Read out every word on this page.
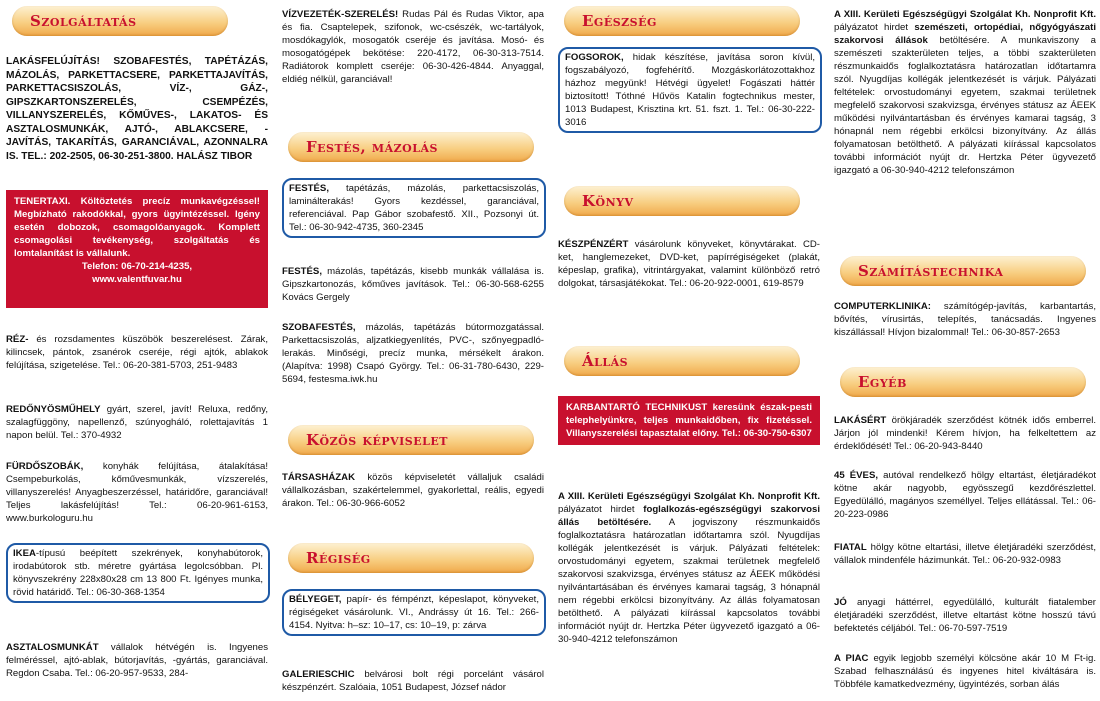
Szolgáltatás
LAKÁSFELÚJÍTÁS! SZOBAFESTÉS, TAPÉTÁZÁS, MÁZOLÁS, PARKETTACSERE, PARKETTAJAVÍTÁS, PARKETTACSISZOLÁS, VÍZ-, GÁZ-, GIPSZKARTONSZERELÉS, CSEMPÉZÉS, VILLANYSZERELÉS, KŐMŰVES-, LAKATOS- ÉS ASZTALOSMUNKÁK, AJTÓ-, ABLAKCSERE, -JAVÍTÁS, TAKARÍTÁS, GARANCIÁVAL, AZONNALRA IS. TEL.: 202-2505, 06-30-251-3800. HALÁSZ TIBOR
TENERTAXI. Költöztetés precíz munkavégzéssel! Megbízható rakodókkal, gyors ügyintézéssel. Igény esetén dobozok, csomagolóanyagok. Komplett csomagolási tevékenység, szolgáltatás és lomtalanítást is vállalunk.
Telefon: 06-70-214-4235,
www.valentfuvar.hu
RÉZ- és rozsdamentes küszöbök beszerelésest. Zárak, kilincsek, pántok, zsanérok cseréje, régi ajtók, ablakok felújítása, szigetelése. Tel.: 06-20-381-5703, 251-9483
REDŐNYÖSMŰHELY gyárt, szerel, javít! Reluxa, redőny, szalagfüggöny, napellenző, szúnyogháló, rolettajavítás 1 napon belül. Tel.: 370-4932
FÜRDŐSZOBÁK, konyhák felújítása, átalakítása! Csempeburkolás, kőművesmunkák, vízszerelés, villanyszerelés! Anyagbeszerzéssel, határidőre, garanciával! Teljes lakásfelújítás! Tel.: 06-20-961-6153, www.burkologuru.hu
IKEA-típusú beépített szekrények, konyhabútorok, irodabútorok stb. méretre gyártása legolcsóbban. Pl. könyvszekrény 228x80x28 cm 13 800 Ft. Igényes munka, rövid határidő. Tel.: 06-30-368-1354
ASZTALOSMUNKÁT vállalok hétvégén is. Ingyenes felméréssel, ajtó-ablak, bútorjavítás, -gyártás, garanciával. Regdon Csaba. Tel.: 06-20-957-9533, 284-
VÍZVEZETÉK-SZERELÉS! Rudas Pál és Rudas Viktor, apa és fia. Csaptelepek, szifonok, wc-csészék, wc-tartályok, mosdókagylók, mosogatók cseréje és javítása. Mosó- és mosogatógépek bekötése: 220-4172, 06-30-313-7514. Radiátorok komplett cseréje: 06-30-426-4844. Anyaggal, eldiég nélkül, garanciával!
Festés, mázolás
FESTÉS, tapétázás, mázolás, parkettacsiszolás, laminálterakás! Gyors kezdéssel, garanciával, referenciával. Pap Gábor szobafestő. XII., Pozsonyi út. Tel.: 06-30-942-4735, 360-2345
FESTÉS, mázolás, tapétázás, kisebb munkák vállalása is. Gipszkartonozás, kőműves javítások. Tel.: 06-30-568-6255 Kovács Gergely
SZOBAFESTÉS, mázolás, tapétázás bútormozgatással. Parkettacsiszolás, aljzatkiegyenlítés, PVC-, szőnyegpadló-lerakás. Minőségi, precíz munka, mérsékelt árakon. (Alapítva: 1998) Csapó György. Tel.: 06-31-780-6430, 229-5694, festesma.iwk.hu
Közös képviselet
TÁRSASHÁZAK közös képviseletét vállaljuk családi vállalkozásban, szakértelemmel, gyakorlettal, reális, egyedi árakon. Tel.: 06-30-966-6052
Régiség
BÉLYEGET, papír- és fémpénzt, képeslapot, könyveket, régiségeket vásárolunk. VI., Andrássy út 16. Tel.: 266-4154. Nyitva: h–sz: 10–17, cs: 10–19, p: zárva
GALERIESCHIC belvárosi bolt régi porcelánt vásárol készpénzért. Szalóaia, 1051 Budapest, József nádor
Egészség
FOGSOROK, hidak készítése, javítása soron kívül, fogszabályozó, fogfehérítő. Mozgáskorlátozottakhoz házhoz megyünk! Hétvégi ügyelet! Fogászati háttér biztosított! Tóthné Hűvös Katalin fogtechnikus mester, 1013 Budapest, Krisztina krt. 51. fszt. 1. Tel.: 06-30-222-3016
Könyv
KÉSZPÉNZÉRT vásárolunk könyveket, könyvtárakat. CD-ket, hanglemezeket, DVD-ket, papírrégiségeket (plakát, képeslap, grafika), vitrintárgyakat, valamint különböző retró dolgokat, társasjátékokat. Tel.: 06-20-922-0001, 619-8579
Állás
KARBANTARTÓ TECHNIKUST keresünk észak-pesti telephelyünkre, teljes munkaidőben, fix fizetéssel. Villanyszerelési tapasztalat előny. Tel.: 06-30-750-6307
A XIII. Kerületi Egészségügyi Szolgálat Kh. Nonprofit Kft. pályázatot hirdet foglalkozás-egészségügyi szakorvosi állás betöltésére. A jogviszony részmunkaidős foglalkoztatásra határozatlan időtartamra szól. Nyugdíjas kollégák jelentkezését is várjuk. Pályázati feltételek: orvostudományi egyetem, szakmai területnek megfelelő szakorvosi szakvizsga, érvényes státusz az ÁEEK működési nyilvántartásában és érvényes kamarai tagság, 3 hónapnál nem régebbi erkölcsi bizonyítvány. Az állás folyamatosan betölthető. A pályázati kiírással kapcsolatos további információt nyújt dr. Hertzka Péter ügyvezető igazgató a 06-30-940-4212 telefonszámon
A XIII. Kerületi Egészségügyi Szolgálat Kh. Nonprofit Kft. pályázatot hirdet szemészeti, ortopédiai, nőgyógyászati szakorvosi állások betöltésére. A munkaviszony a szemészeti szakterületen teljes, a többi szakterületen részmunkaidős foglalkoztatásra határozatlan időtartamra szól. Nyugdíjas kollégák jelentkezését is várjuk. Pályázati feltételek: orvostudományi egyetem, szakmai területnek megfelelő szakorvosi szakvizsga, érvényes státusz az ÁEEK működési nyilvántartásban és érvényes kamarai tagság, 3 hónapnál nem régebbi erkölcsi bizonyítvány. Az állás folyamatosan betölthető. A pályázati kiírással kapcsolatos további információt nyújt dr. Hertzka Péter ügyvezető igazgató a 06-30-940-4212 telefonszámon
Számítástechnika
COMPUTERKLINIKA: számítógép-javítás, karbantartás, bővítés, vírusirtás, telepítés, tanácsadás. Ingyenes kiszállással! Hívjon bizalommal! Tel.: 06-30-857-2653
Egyéb
LAKÁSÉRT örökjáradék szerződést kötnék idős emberrel. Járjon jól mindenki! Kérem hívjon, ha felkeltettem az érdeklődését! Tel.: 06-20-943-8440
45 ÉVES, autóval rendelkező hölgy eltartást, életjáradékot kötne akár nagyobb, egyösszegű kezdőrészlettel. Egyedülálló, magányos személlyel. Teljes ellátással. Tel.: 06-20-223-0986
FIATAL hölgy kötne eltartási, illetve életjáradéki szerződést, vállalok mindenféle házimunkát. Tel.: 06-20-932-0983
JÓ anyagi háttérrel, egyedülálló, kulturált fiatalember életjáradéki szerződést, illetve eltartást kötne hosszú távú befektetés céljából. Tel.: 06-70-597-7519
A PIAC egyik legjobb személyi kölcsöne akár 10 M Ft-ig. Szabad felhasználású és ingyenes hitel kiváltására is. Többféle kamatkedvezmény, ügyintézés, sorban álás
